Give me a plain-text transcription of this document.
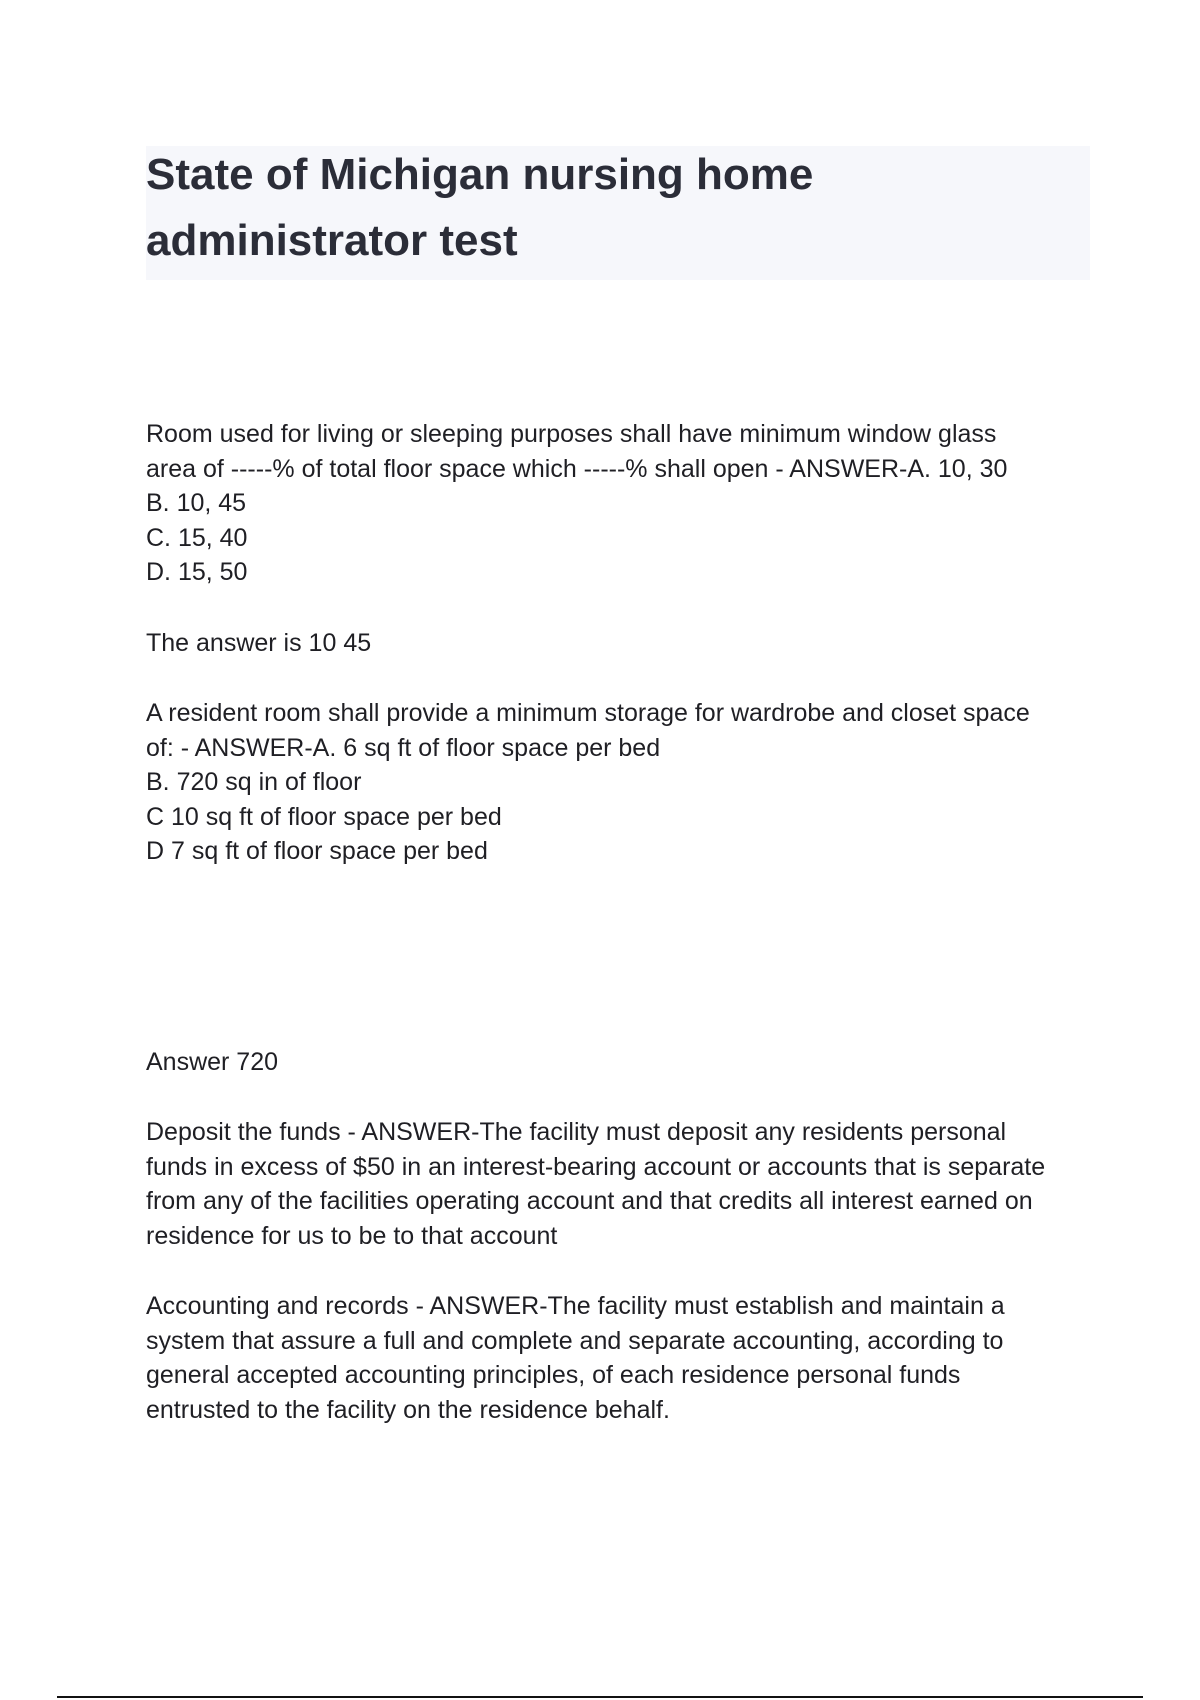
State of Michigan nursing home
administrator test

Room used for living or sleeping purposes shall have minimum window glass
area of -----% of total floor space which -----% shall open - ANSWER-A. 10, 30
B. 10, 45
C. 15, 40
D. 15, 50

The answer is 10 45

A resident room shall provide a minimum storage for wardrobe and closet space
of: - ANSWER-A. 6 sq ft of floor space per bed
B. 720 sq in of floor
C 10 sq ft of floor space per bed
D 7 sq ft of floor space per bed

Answer 720

Deposit the funds - ANSWER-The facility must deposit any residents personal
funds in excess of $50 in an interest-bearing account or accounts that is separate
from any of the facilities operating account and that credits all interest earned on
residence for us to be to that account

Accounting and records - ANSWER-The facility must establish and maintain a
system that assure a full and complete and separate accounting, according to
general accepted accounting principles, of each residence personal funds
entrusted to the facility on the residence behalf.
